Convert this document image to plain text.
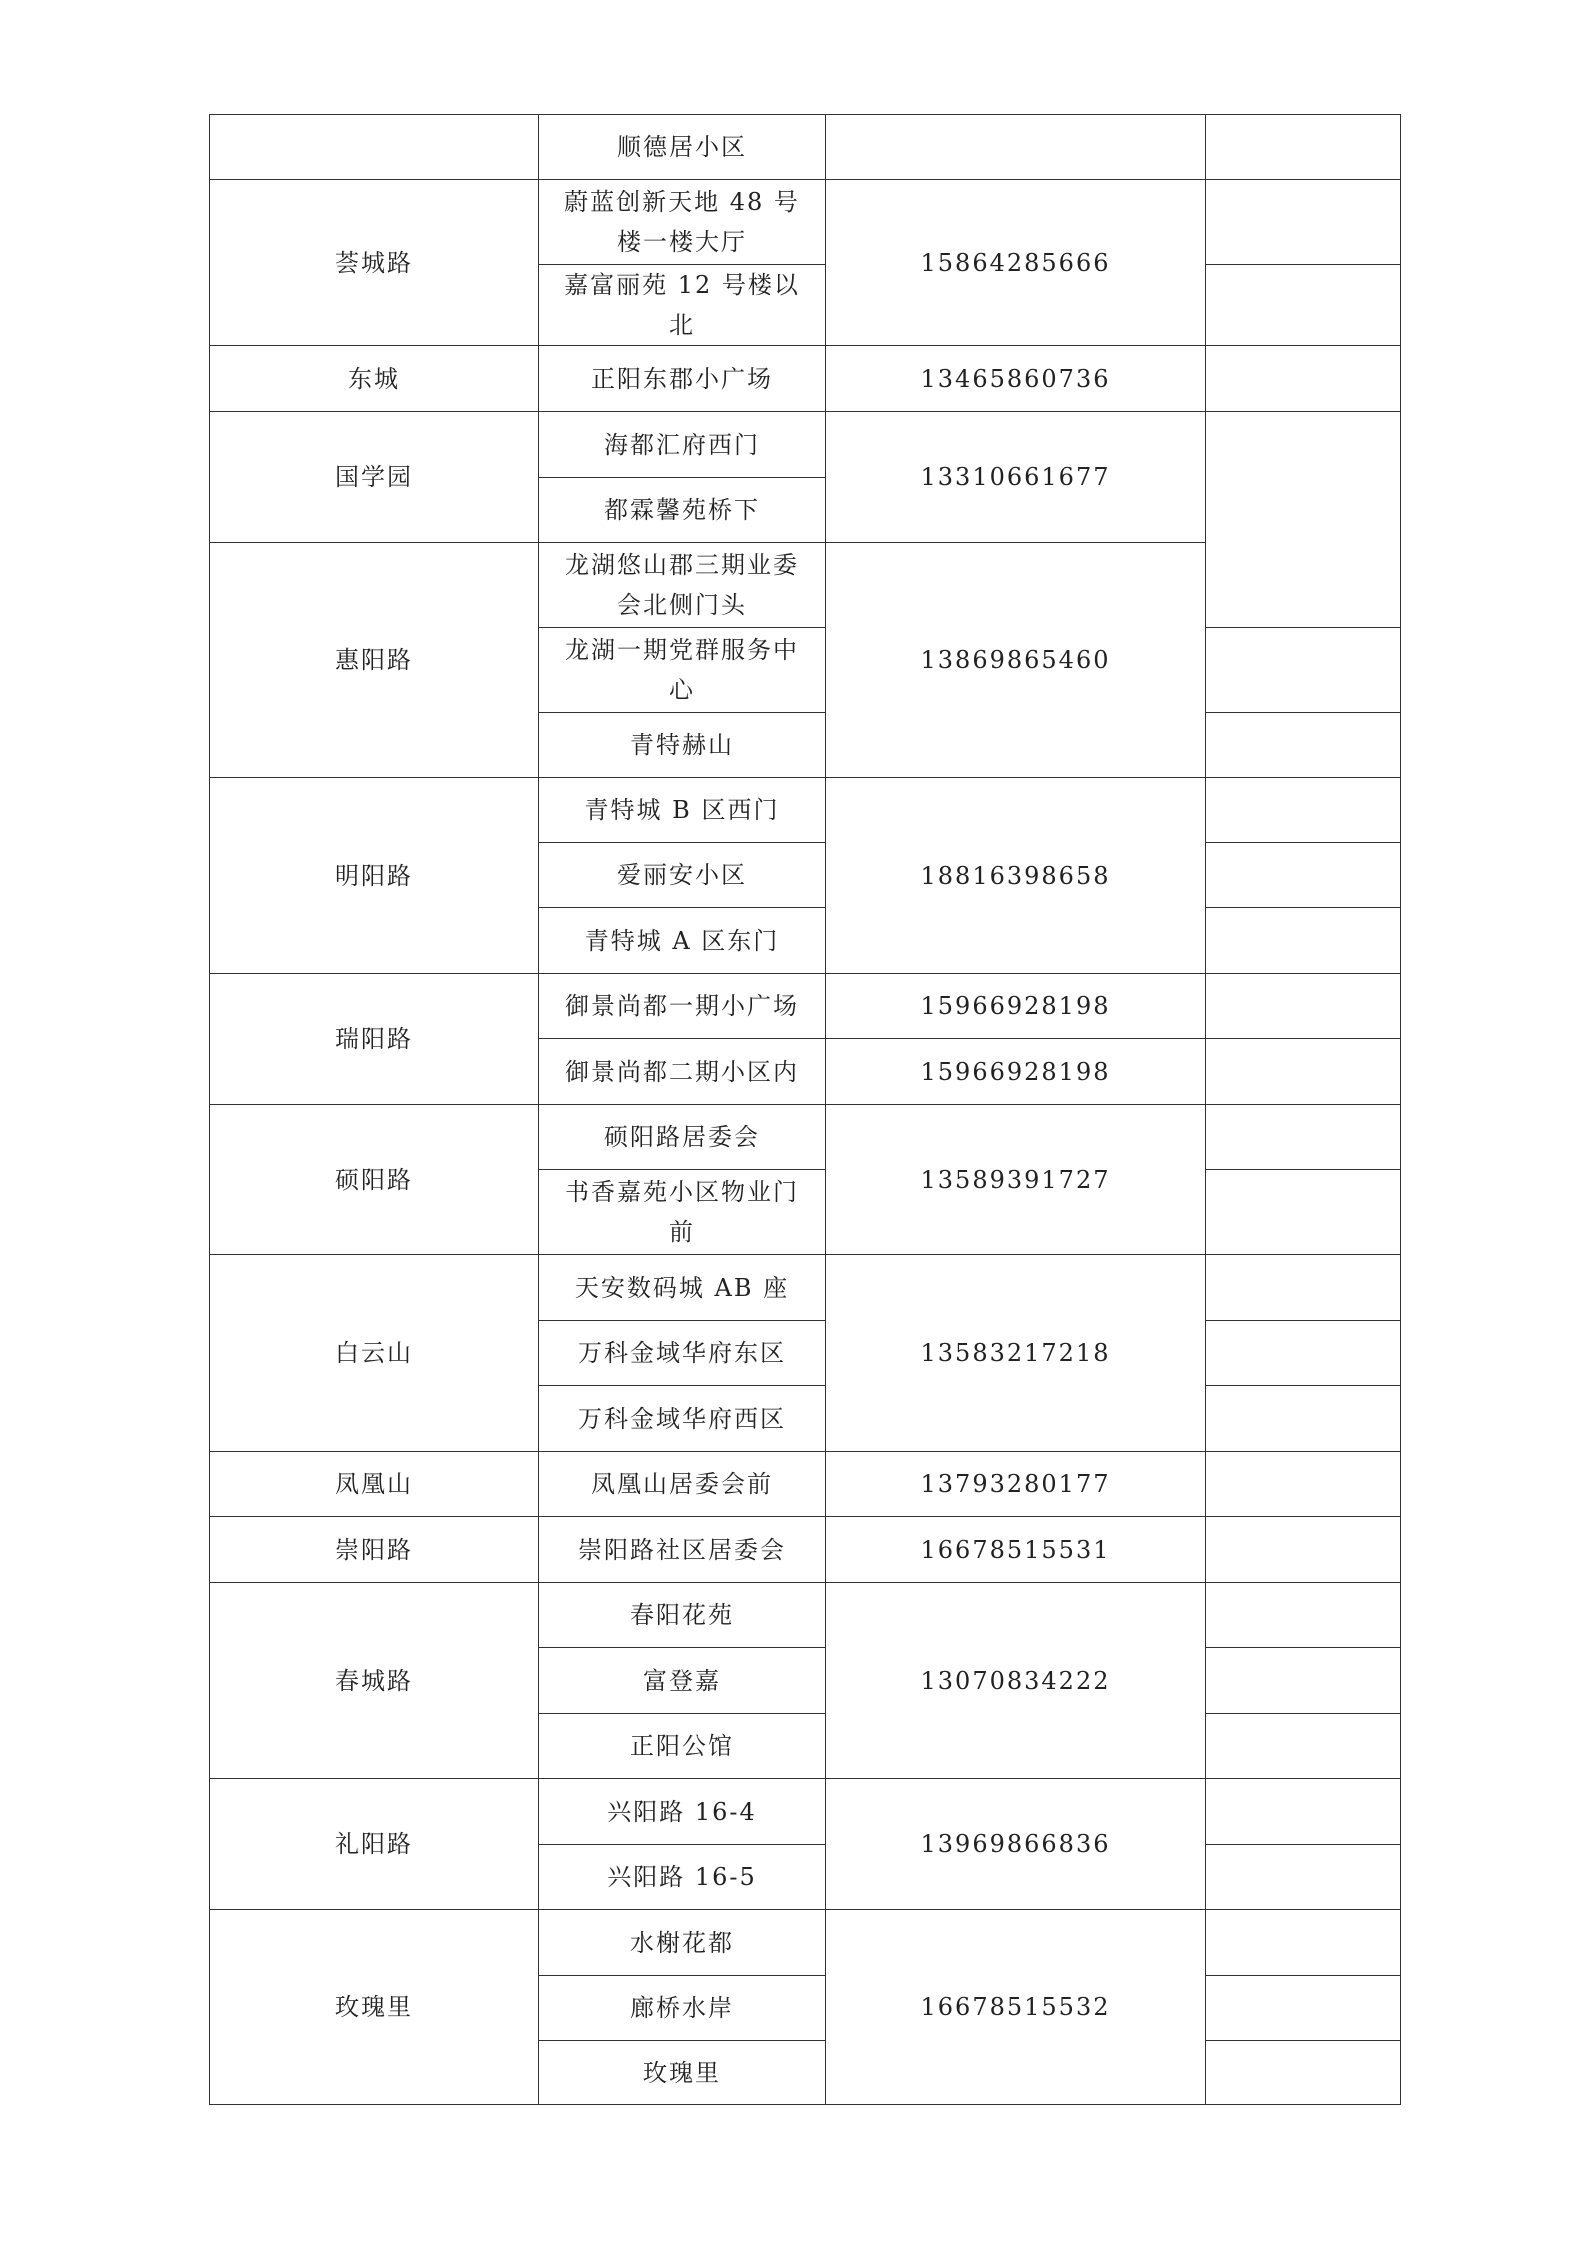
	顺德居小区		
荟城路	蔚蓝创新天地 48 号楼一楼大厅	15864285666	
	嘉富丽苑 12 号楼以北		
东城	正阳东郡小广场	13465860736	
国学园	海都汇府西门	13310661677	
	都霖馨苑桥下		
惠阳路	龙湖悠山郡三期业委会北侧门头	13869865460	
	龙湖一期党群服务中心		
	青特赫山		
明阳路	青特城 B 区西门	18816398658	
	爱丽安小区		
	青特城 A 区东门		
瑞阳路	御景尚都一期小广场	15966928198	
	御景尚都二期小区内	15966928198	
硕阳路	硕阳路居委会	13589391727	
	书香嘉苑小区物业门前		
白云山	天安数码城 AB 座	13583217218	
	万科金域华府东区		
	万科金域华府西区		
凤凰山	凤凰山居委会前	13793280177	
崇阳路	崇阳路社区居委会	16678515531	
春城路	春阳花苑	13070834222	
	富登嘉		
	正阳公馆		
礼阳路	兴阳路 16-4	13969866836	
	兴阳路 16-5		
玫瑰里	水榭花都	16678515532	
	廊桥水岸		
	玫瑰里		
